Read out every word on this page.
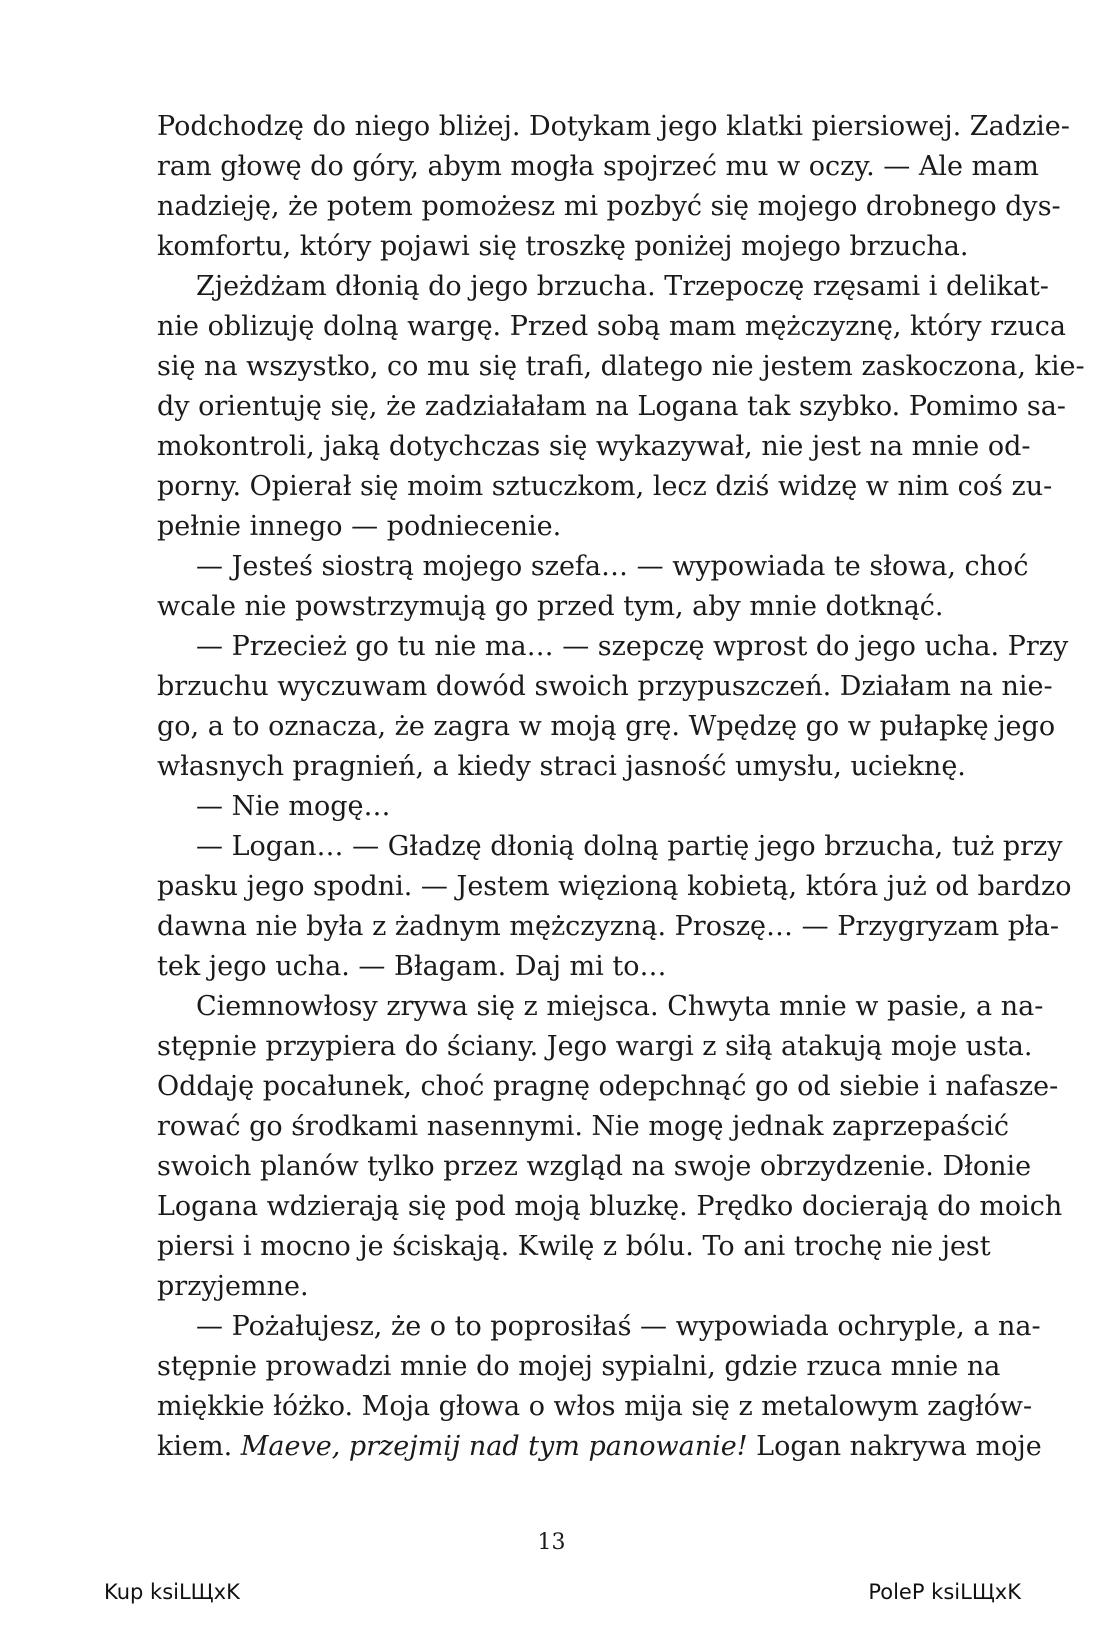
Podchodzę do niego bliżej. Dotykam jego klatki piersiowej. Zadzie-
ram głowę do góry, abym mogła spojrzeć mu w oczy. — Ale mam
nadzieję, że potem pomożesz mi pozbyć się mojego drobnego dys-
komfortu, który pojawi się troszkę poniżej mojego brzucha.
Zjeżdżam dłonią do jego brzucha. Trzepoczę rzęsami i delikat-
nie oblizuję dolną wargę. Przed sobą mam mężczyznę, który rzuca
się na wszystko, co mu się trafi, dlatego nie jestem zaskoczona, kie-
dy orientuję się, że zadziałałam na Logana tak szybko. Pomimo sa-
mokontroli, jaką dotychczas się wykazywał, nie jest na mnie od-
porny. Opierał się moim sztuczkom, lecz dziś widzę w nim coś zu-
pełnie innego — podniecenie.
— Jesteś siostrą mojego szefa… — wypowiada te słowa, choć
wcale nie powstrzymują go przed tym, aby mnie dotknąć.
— Przecież go tu nie ma… — szepczę wprost do jego ucha. Przy
brzuchu wyczuwam dowód swoich przypuszczeń. Działam na nie-
go, a to oznacza, że zagra w moją grę. Wpędzę go w pułapkę jego
własnych pragnień, a kiedy straci jasność umysłu, ucieknę.
— Nie mogę…
— Logan… — Gładzę dłonią dolną partię jego brzucha, tuż przy
pasku jego spodni. — Jestem więzioną kobietą, która już od bardzo
dawna nie była z żadnym mężczyzną. Proszę… — Przygryzam pła-
tek jego ucha. — Błagam. Daj mi to…
Ciemnowłosy zrywa się z miejsca. Chwyta mnie w pasie, a na-
stępnie przypiera do ściany. Jego wargi z siłą atakują moje usta.
Oddaję pocałunek, choć pragnę odepchnąć go od siebie i nafasze-
rować go środkami nasennymi. Nie mogę jednak zaprzepaścić
swoich planów tylko przez wzgląd na swoje obrzydzenie. Dłonie
Logana wdzierają się pod moją bluzkę. Prędko docierają do moich
piersi i mocno je ściskają. Kwilę z bólu. To ani trochę nie jest
przyjemne.
— Pożałujesz, że o to poprosiłaś — wypowiada ochryple, a na-
stępnie prowadzi mnie do mojej sypialni, gdzie rzuca mnie na
miękkie łóżko. Moja głowa o włos mija się z metalowym zagłów-
kiem. Maeve, przejmij nad tym panowanie! Logan nakrywa moje
13
Kup ksiLЩxK	PoleP ksiLЩxK
